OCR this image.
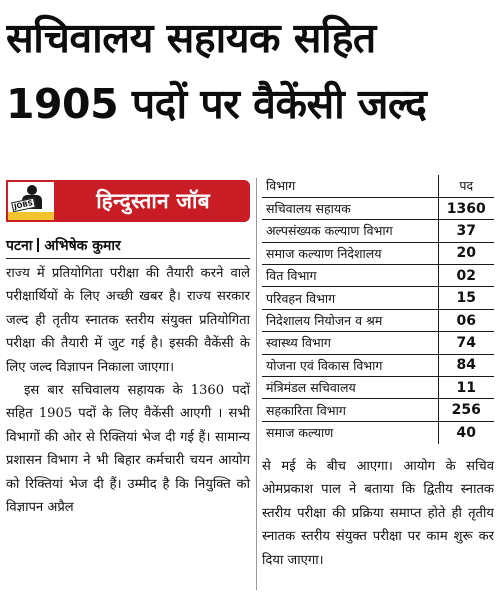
सचिवालय सहायक सहित
1905 पदों पर वैकेंसी जल्द
JOBS	हिन्दुस्तान जॉब
पटना अभिषेक कुमार

राज्य में प्रतियोगिता परीक्षा की तैयारी करने वाले परीक्षार्थियों के लिए अच्छी खबर है। राज्य सरकार जल्द ही तृतीय स्नातक स्तरीय संयुक्त प्रतियोगिता परीक्षा की तैयारी में जुट गई है। इसकी वैकेंसी के लिए जल्द विज्ञापन निकाला जाएगा।

इस बार सचिवालय सहायक के 1360 पदों सहित 1905 पदों के लिए वैकेंसी आएगी । सभी विभागों की ओर से रिक्तियां भेज दी गई हैं। सामान्य प्रशासन विभाग ने भी बिहार कर्मचारी चयन आयोग को रिक्तियां भेज दी हैं। उम्मीद है कि नियुक्ति को विज्ञापन अप्रैल

विभाग	पद
सचिवालय सहायक	1360
अल्पसंख्यक कल्याण विभाग	37
समाज कल्याण निदेशालय	20
वित विभाग	02
परिवहन विभाग	15
निदेशालय नियोजन व श्रम	06
स्वास्थ्य विभाग	74
योजना एवं विकास विभाग	84
मंत्रिमंडल सचिवालय	11
सहकारिता विभाग	256
समाज कल्याण	40

से मई के बीच आएगा। आयोग के सचिव ओमप्रकाश पाल ने बताया कि द्वितीय स्नातक स्तरीय परीक्षा की प्रक्रिया समाप्त होते ही तृतीय स्नातक स्तरीय संयुक्त परीक्षा पर काम शुरू कर दिया जाएगा।
